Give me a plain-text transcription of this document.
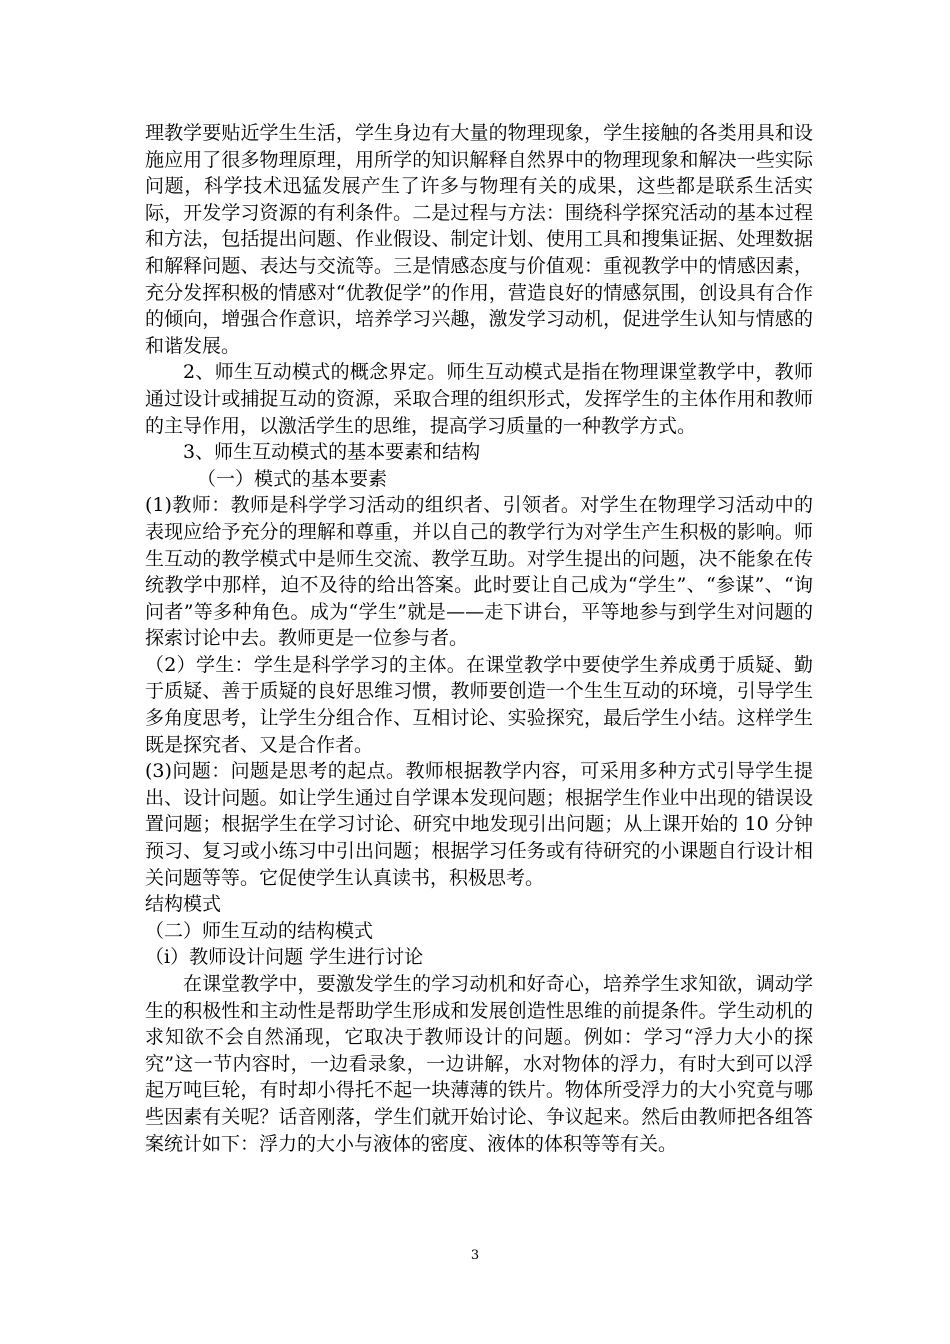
理教学要贴近学生生活，学生身边有大量的物理现象，学生接触的各类用具和设施应用了很多物理原理，用所学的知识解释自然界中的物理现象和解决一些实际问题，科学技术迅猛发展产生了许多与物理有关的成果，这些都是联系生活实际，开发学习资源的有利条件。二是过程与方法：围绕科学探究活动的基本过程和方法，包括提出问题、作业假设、制定计划、使用工具和搜集证据、处理数据和解释问题、表达与交流等。三是情感态度与价值观：重视教学中的情感因素，充分发挥积极的情感对“优教促学”的作用，营造良好的情感氛围，创设具有合作的倾向，增强合作意识，培养学习兴趣，激发学习动机，促进学生认知与情感的和谐发展。

2、师生互动模式的概念界定。师生互动模式是指在物理课堂教学中，教师通过设计或捕捉互动的资源，采取合理的组织形式，发挥学生的主体作用和教师的主导作用，以激活学生的思维，提高学习质量的一种教学方式。

3、师生互动模式的基本要素和结构

（一）模式的基本要素

(1)教师：教师是科学学习活动的组织者、引领者。对学生在物理学习活动中的表现应给予充分的理解和尊重，并以自己的教学行为对学生产生积极的影响。师生互动的教学模式中是师生交流、教学互助。对学生提出的问题，决不能象在传统教学中那样，迫不及待的给出答案。此时要让自己成为“学生”、“参谋”、“询问者”等多种角色。成为“学生”就是——走下讲台，平等地参与到学生对问题的探索讨论中去。教师更是一位参与者。

（2）学生：学生是科学学习的主体。在课堂教学中要使学生养成勇于质疑、勤于质疑、善于质疑的良好思维习惯，教师要创造一个生生互动的环境，引导学生多角度思考，让学生分组合作、互相讨论、实验探究，最后学生小结。这样学生既是探究者、又是合作者。

(3)问题：问题是思考的起点。教师根据教学内容，可采用多种方式引导学生提出、设计问题。如让学生通过自学课本发现问题；根据学生作业中出现的错误设置问题；根据学生在学习讨论、研究中地发现引出问题；从上课开始的 10 分钟预习、复习或小练习中引出问题；根据学习任务或有待研究的小课题自行设计相关问题等等。它促使学生认真读书，积极思考。

结构模式

（二）师生互动的结构模式

（ⅰ）教师设计问题 学生进行讨论

在课堂教学中，要激发学生的学习动机和好奇心，培养学生求知欲，调动学生的积极性和主动性是帮助学生形成和发展创造性思维的前提条件。学生动机的求知欲不会自然涌现，它取决于教师设计的问题。例如：学习“浮力大小的探究”这一节内容时，一边看录象，一边讲解，水对物体的浮力，有时大到可以浮起万吨巨轮，有时却小得托不起一块薄薄的铁片。物体所受浮力的大小究竟与哪些因素有关呢？话音刚落，学生们就开始讨论、争议起来。然后由教师把各组答案统计如下：浮力的大小与液体的密度、液体的体积等等有关。

3
